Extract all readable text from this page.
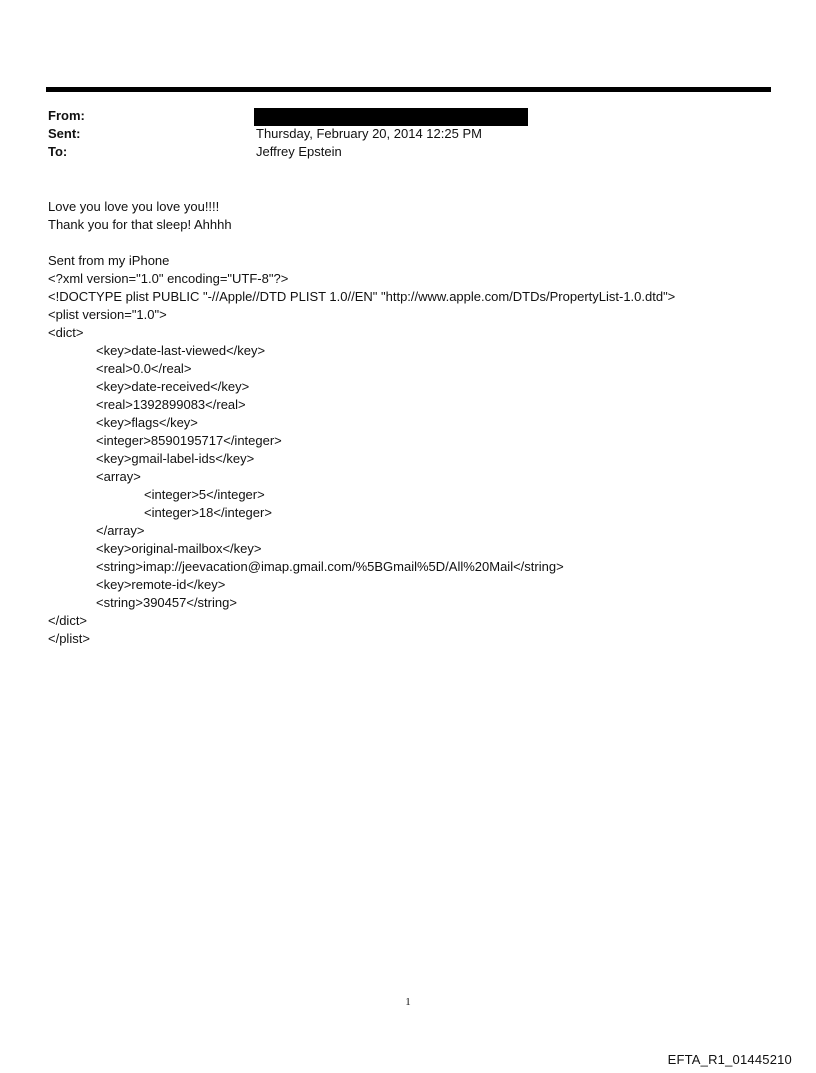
From:
Sent:	Thursday, February 20, 2014 12:25 PM
To:	Jeffrey Epstein
Love you love you love you!!!!
Thank you for that sleep! Ahhhh
Sent from my iPhone
<?xml version="1.0" encoding="UTF-8"?>
<!DOCTYPE plist PUBLIC "-//Apple//DTD PLIST 1.0//EN" "http://www.apple.com/DTDs/PropertyList-1.0.dtd">
<plist version="1.0">
<dict>
<key>date-last-viewed</key>
<real>0.0</real>
<key>date-received</key>
<real>1392899083</real>
<key>flags</key>
<integer>8590195717</integer>
<key>gmail-label-ids</key>
<array>
<integer>5</integer>
<integer>18</integer>
</array>
<key>original-mailbox</key>
<string>imap://jeevacation@imap.gmail.com/%5BGmail%5D/All%20Mail</string>
<key>remote-id</key>
<string>390457</string>
</dict>
</plist>
1
EFTA_R1_01445210
